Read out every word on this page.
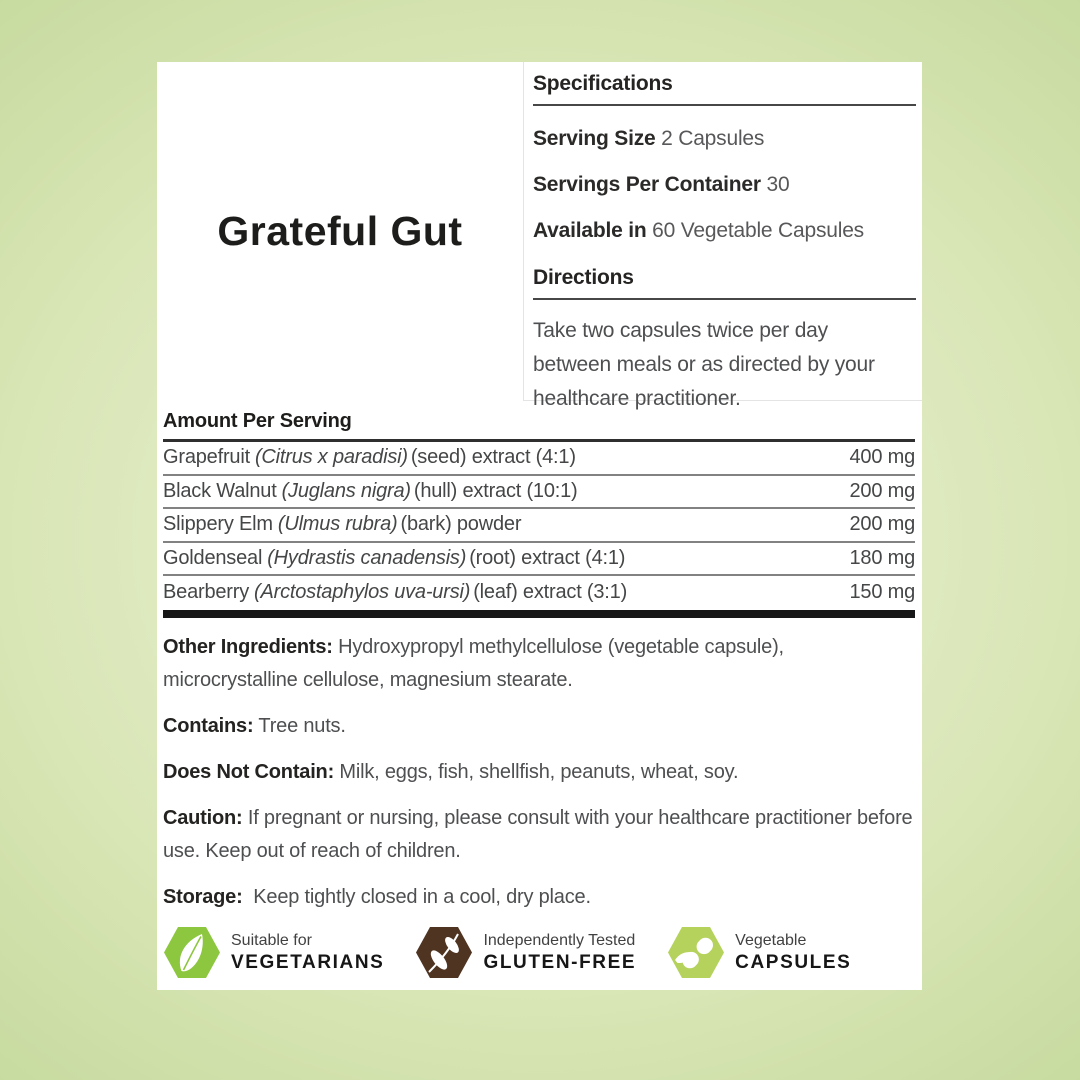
Grateful Gut
Specifications
Serving Size 2 Capsules
Servings Per Container 30
Available in 60 Vegetable Capsules
Directions
Take two capsules twice per day between meals or as directed by your healthcare practitioner.
Amount Per Serving
Grapefruit (Citrus x paradisi) (seed) extract (4:1)	400 mg
Black Walnut (Juglans nigra) (hull) extract (10:1)	200 mg
Slippery Elm (Ulmus rubra) (bark) powder	200 mg
Goldenseal (Hydrastis canadensis) (root) extract (4:1)	180 mg
Bearberry (Arctostaphylos uva-ursi) (leaf) extract (3:1)	150 mg

Other Ingredients: Hydroxypropyl methylcellulose (vegetable capsule), microcrystalline cellulose, magnesium stearate.

Contains: Tree nuts.

Does Not Contain: Milk, eggs, fish, shellfish, peanuts, wheat, soy.

Caution: If pregnant or nursing, please consult with your healthcare practitioner before use. Keep out of reach of children.

Storage: Keep tightly closed in a cool, dry place.

Suitable for
VEGETARIANS
Independently Tested
GLUTEN-FREE
Vegetable
CAPSULES
